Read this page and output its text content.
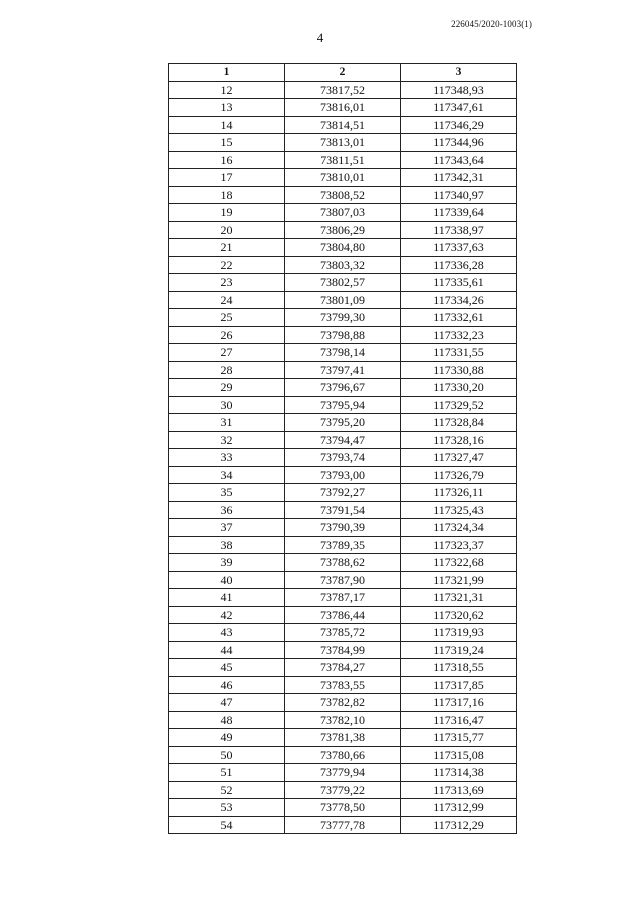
226045/2020-1003(1)
4
1	2	3
12	73817,52	117348,93
13	73816,01	117347,61
14	73814,51	117346,29
15	73813,01	117344,96
16	73811,51	117343,64
17	73810,01	117342,31
18	73808,52	117340,97
19	73807,03	117339,64
20	73806,29	117338,97
21	73804,80	117337,63
22	73803,32	117336,28
23	73802,57	117335,61
24	73801,09	117334,26
25	73799,30	117332,61
26	73798,88	117332,23
27	73798,14	117331,55
28	73797,41	117330,88
29	73796,67	117330,20
30	73795,94	117329,52
31	73795,20	117328,84
32	73794,47	117328,16
33	73793,74	117327,47
34	73793,00	117326,79
35	73792,27	117326,11
36	73791,54	117325,43
37	73790,39	117324,34
38	73789,35	117323,37
39	73788,62	117322,68
40	73787,90	117321,99
41	73787,17	117321,31
42	73786,44	117320,62
43	73785,72	117319,93
44	73784,99	117319,24
45	73784,27	117318,55
46	73783,55	117317,85
47	73782,82	117317,16
48	73782,10	117316,47
49	73781,38	117315,77
50	73780,66	117315,08
51	73779,94	117314,38
52	73779,22	117313,69
53	73778,50	117312,99
54	73777,78	117312,29
